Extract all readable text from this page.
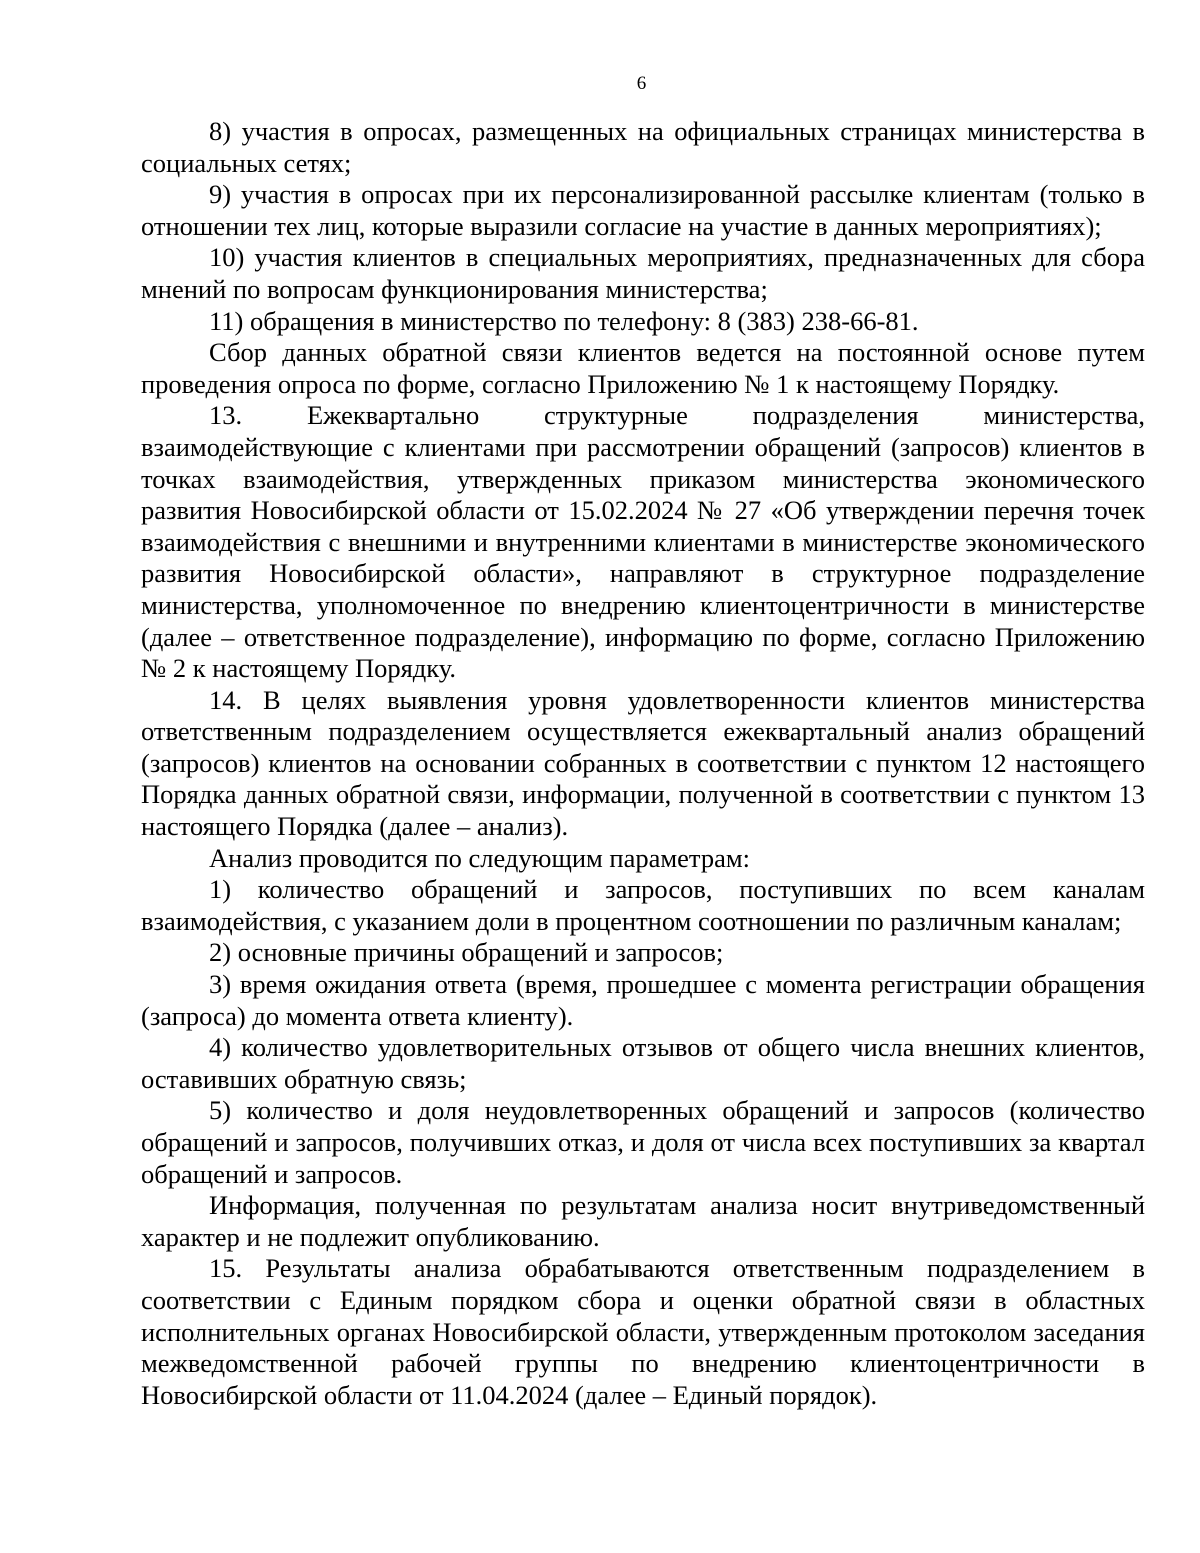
6

8) участия в опросах, размещенных на официальных страницах министерства в социальных сетях;

9) участия в опросах при их персонализированной рассылке клиентам (только в отношении тех лиц, которые выразили согласие на участие в данных мероприятиях);

10) участия клиентов в специальных мероприятиях, предназначенных для сбора мнений по вопросам функционирования министерства;

11) обращения в министерство по телефону: 8 (383) 238-66-81.

Сбор данных обратной связи клиентов ведется на постоянной основе путем проведения опроса по форме, согласно Приложению № 1 к настоящему Порядку.

13. Ежеквартально структурные подразделения министерства, взаимодействующие с клиентами при рассмотрении обращений (запросов) клиентов в точках взаимодействия, утвержденных приказом министерства экономического развития Новосибирской области от 15.02.2024 № 27 «Об утверждении перечня точек взаимодействия с внешними и внутренними клиентами в министерстве экономического развития Новосибирской области», направляют в структурное подразделение министерства, уполномоченное по внедрению клиентоцентричности в министерстве (далее – ответственное подразделение), информацию по форме, согласно Приложению № 2 к настоящему Порядку.

14. В целях выявления уровня удовлетворенности клиентов министерства ответственным подразделением осуществляется ежеквартальный анализ обращений (запросов) клиентов на основании собранных в соответствии с пунктом 12 настоящего Порядка данных обратной связи, информации, полученной в соответствии с пунктом 13 настоящего Порядка (далее – анализ).

Анализ проводится по следующим параметрам:

1) количество обращений и запросов, поступивших по всем каналам взаимодействия, с указанием доли в процентном соотношении по различным каналам;

2) основные причины обращений и запросов;

3) время ожидания ответа (время, прошедшее с момента регистрации обращения (запроса) до момента ответа клиенту).

4) количество удовлетворительных отзывов от общего числа внешних клиентов, оставивших обратную связь;

5) количество и доля неудовлетворенных обращений и запросов (количество обращений и запросов, получивших отказ, и доля от числа всех поступивших за квартал обращений и запросов.

Информация, полученная по результатам анализа носит внутриведомственный характер и не подлежит опубликованию.

15. Результаты анализа обрабатываются ответственным подразделением в соответствии с Единым порядком сбора и оценки обратной связи в областных исполнительных органах Новосибирской области, утвержденным протоколом заседания межведомственной рабочей группы по внедрению клиентоцентричности в Новосибирской области от 11.04.2024 (далее – Единый порядок).
